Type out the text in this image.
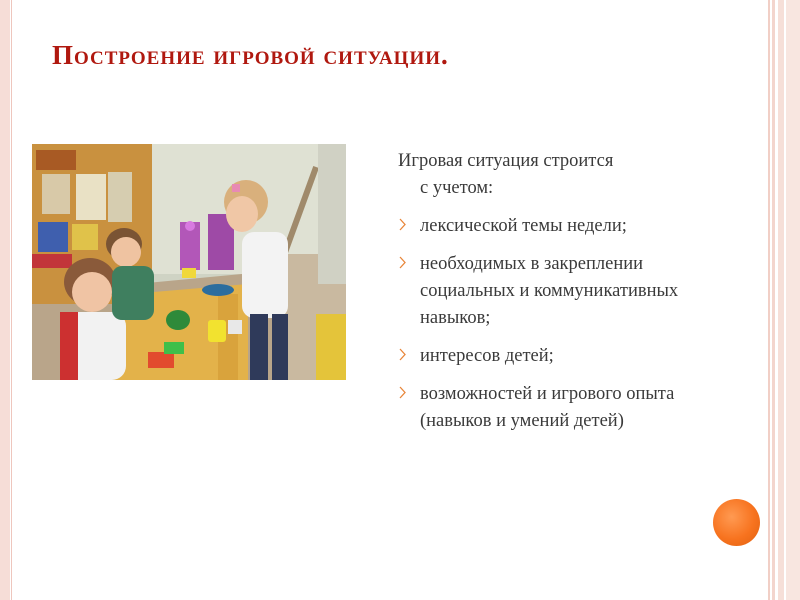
Построение игровой ситуации.
Игровая ситуация строится
с учетом:
лексической темы недели;
необходимых в закреплении социальных и коммуникативных навыков;
интересов детей;
возможностей и игрового опыта (навыков и умений детей)
